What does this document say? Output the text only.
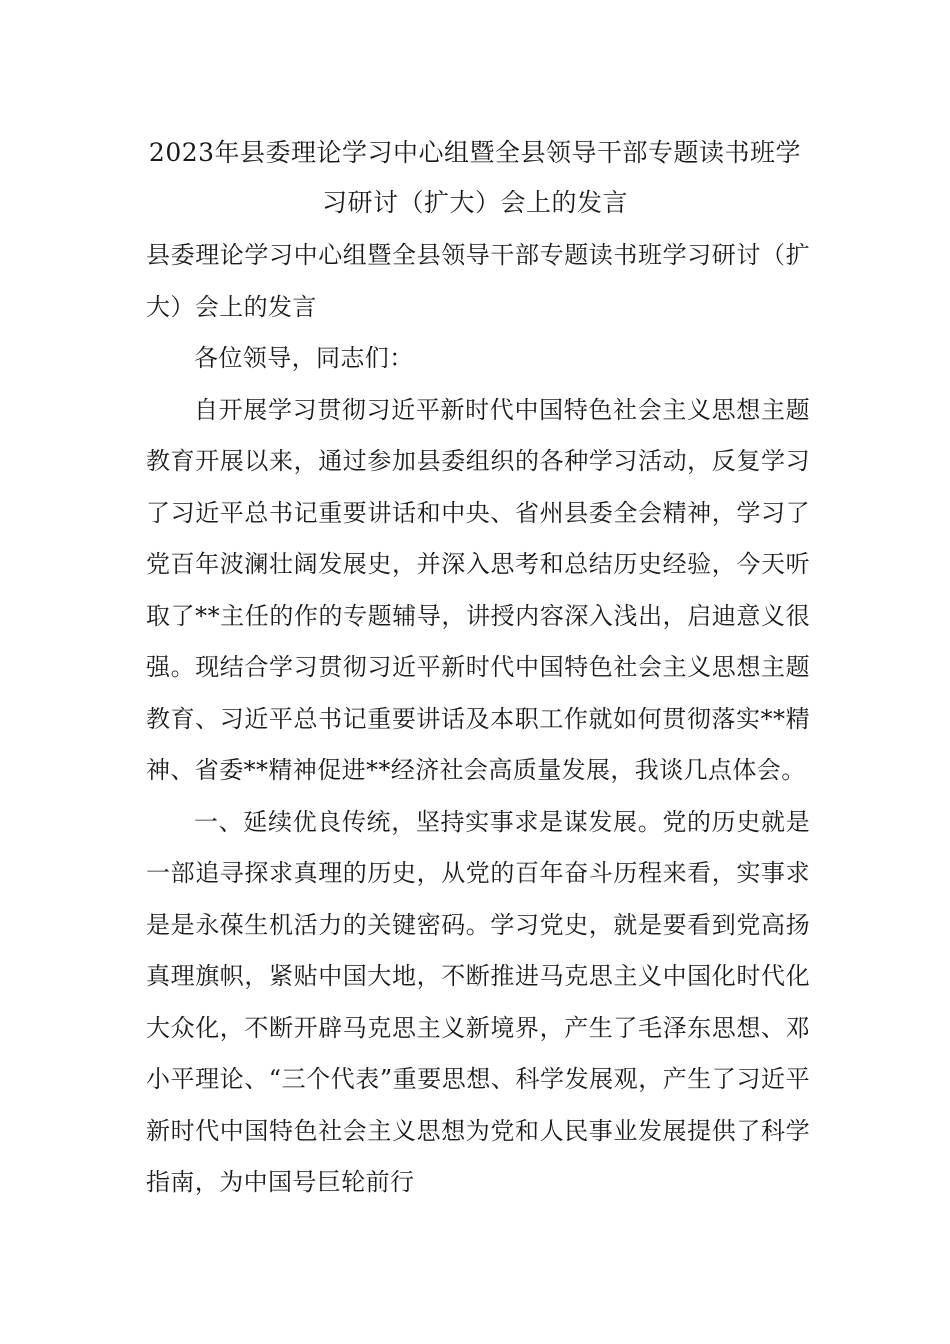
2023年县委理论学习中心组暨全县领导干部专题读书班学习研讨（扩大）会上的发言

县委理论学习中心组暨全县领导干部专题读书班学习研讨（扩大）会上的发言

各位领导，同志们：

自开展学习贯彻习近平新时代中国特色社会主义思想主题教育开展以来，通过参加县委组织的各种学习活动，反复学习了习近平总书记重要讲话和中央、省州县委全会精神，学习了党百年波澜壮阔发展史，并深入思考和总结历史经验，今天听取了**主任的作的专题辅导，讲授内容深入浅出，启迪意义很强。现结合学习贯彻习近平新时代中国特色社会主义思想主题教育、习近平总书记重要讲话及本职工作就如何贯彻落实**精神、省委**精神促进**经济社会高质量发展，我谈几点体会。

一、延续优良传统，坚持实事求是谋发展。党的历史就是一部追寻探求真理的历史，从党的百年奋斗历程来看，实事求是是永葆生机活力的关键密码。学习党史，就是要看到党高扬真理旗帜，紧贴中国大地，不断推进马克思主义中国化时代化大众化，不断开辟马克思主义新境界，产生了毛泽东思想、邓小平理论、“三个代表”重要思想、科学发展观，产生了习近平新时代中国特色社会主义思想为党和人民事业发展提供了科学指南，为中国号巨轮前行
